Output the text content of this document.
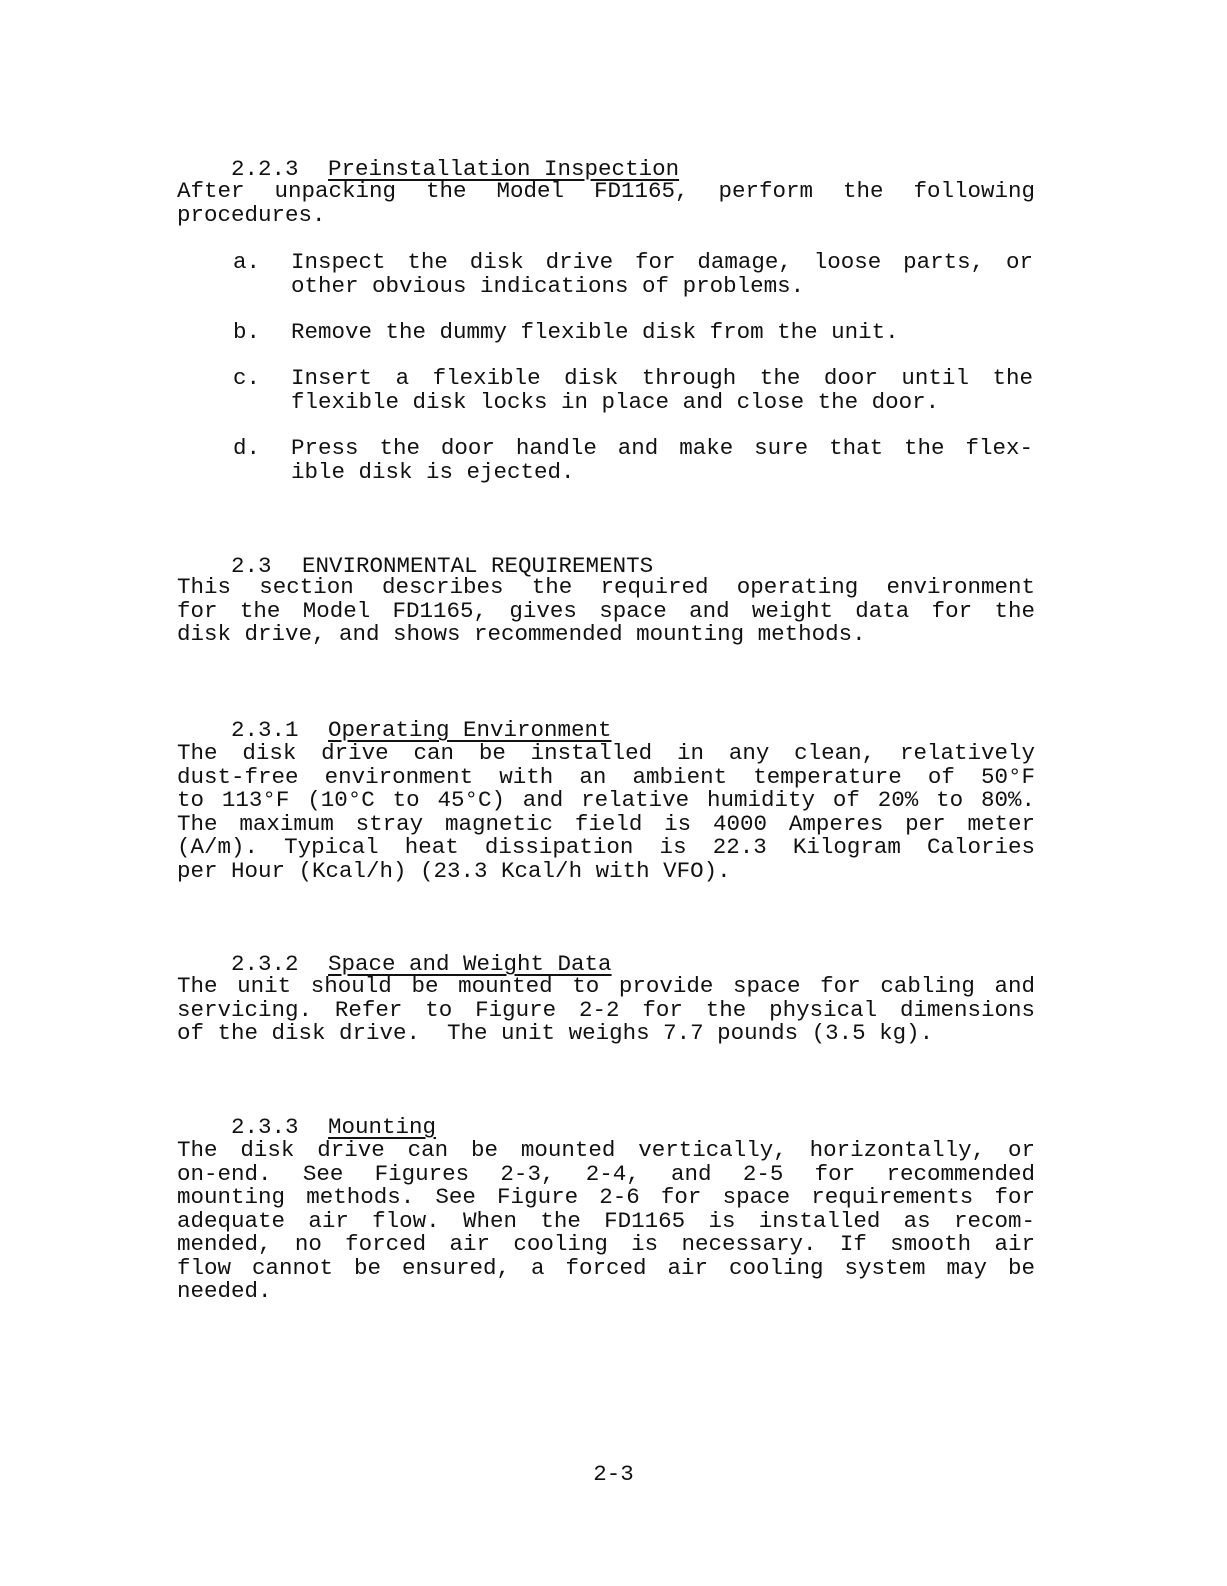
2.2.3 Preinstallation Inspection

After unpacking the Model FD1165, perform the following
procedures.
a.	Inspect the disk drive for damage, loose parts, or
other obvious indications of problems.
b.	Remove the dummy flexible disk from the unit.
c.	Insert a flexible disk through the door until the
flexible disk locks in place and close the door.
d.	Press the door handle and make sure that the flex-
ible disk is ejected.

2.3 ENVIRONMENTAL REQUIREMENTS

This section describes the required operating environment
for the Model FD1165, gives space and weight data for the
disk drive, and shows recommended mounting methods.

2.3.1 Operating Environment

The disk drive can be installed in any clean, relatively
dust-free environment with an ambient temperature of 50°F
to 113°F (10°C to 45°C) and relative humidity of 20% to 80%.
The maximum stray magnetic field is 4000 Amperes per meter
(A/m). Typical heat dissipation is 22.3 Kilogram Calories
per Hour (Kcal/h) (23.3 Kcal/h with VFO).

2.3.2 Space and Weight Data

The unit should be mounted to provide space for cabling and
servicing. Refer to Figure 2-2 for the physical dimensions
of the disk drive.  The unit weighs 7.7 pounds (3.5 kg).

2.3.3 Mounting

The disk drive can be mounted vertically, horizontally, or
on-end. See Figures 2-3, 2-4, and 2-5 for recommended
mounting methods. See Figure 2-6 for space requirements for
adequate air flow. When the FD1165 is installed as recom-
mended, no forced air cooling is necessary. If smooth air
flow cannot be ensured, a forced air cooling system may be
needed.
2-3
